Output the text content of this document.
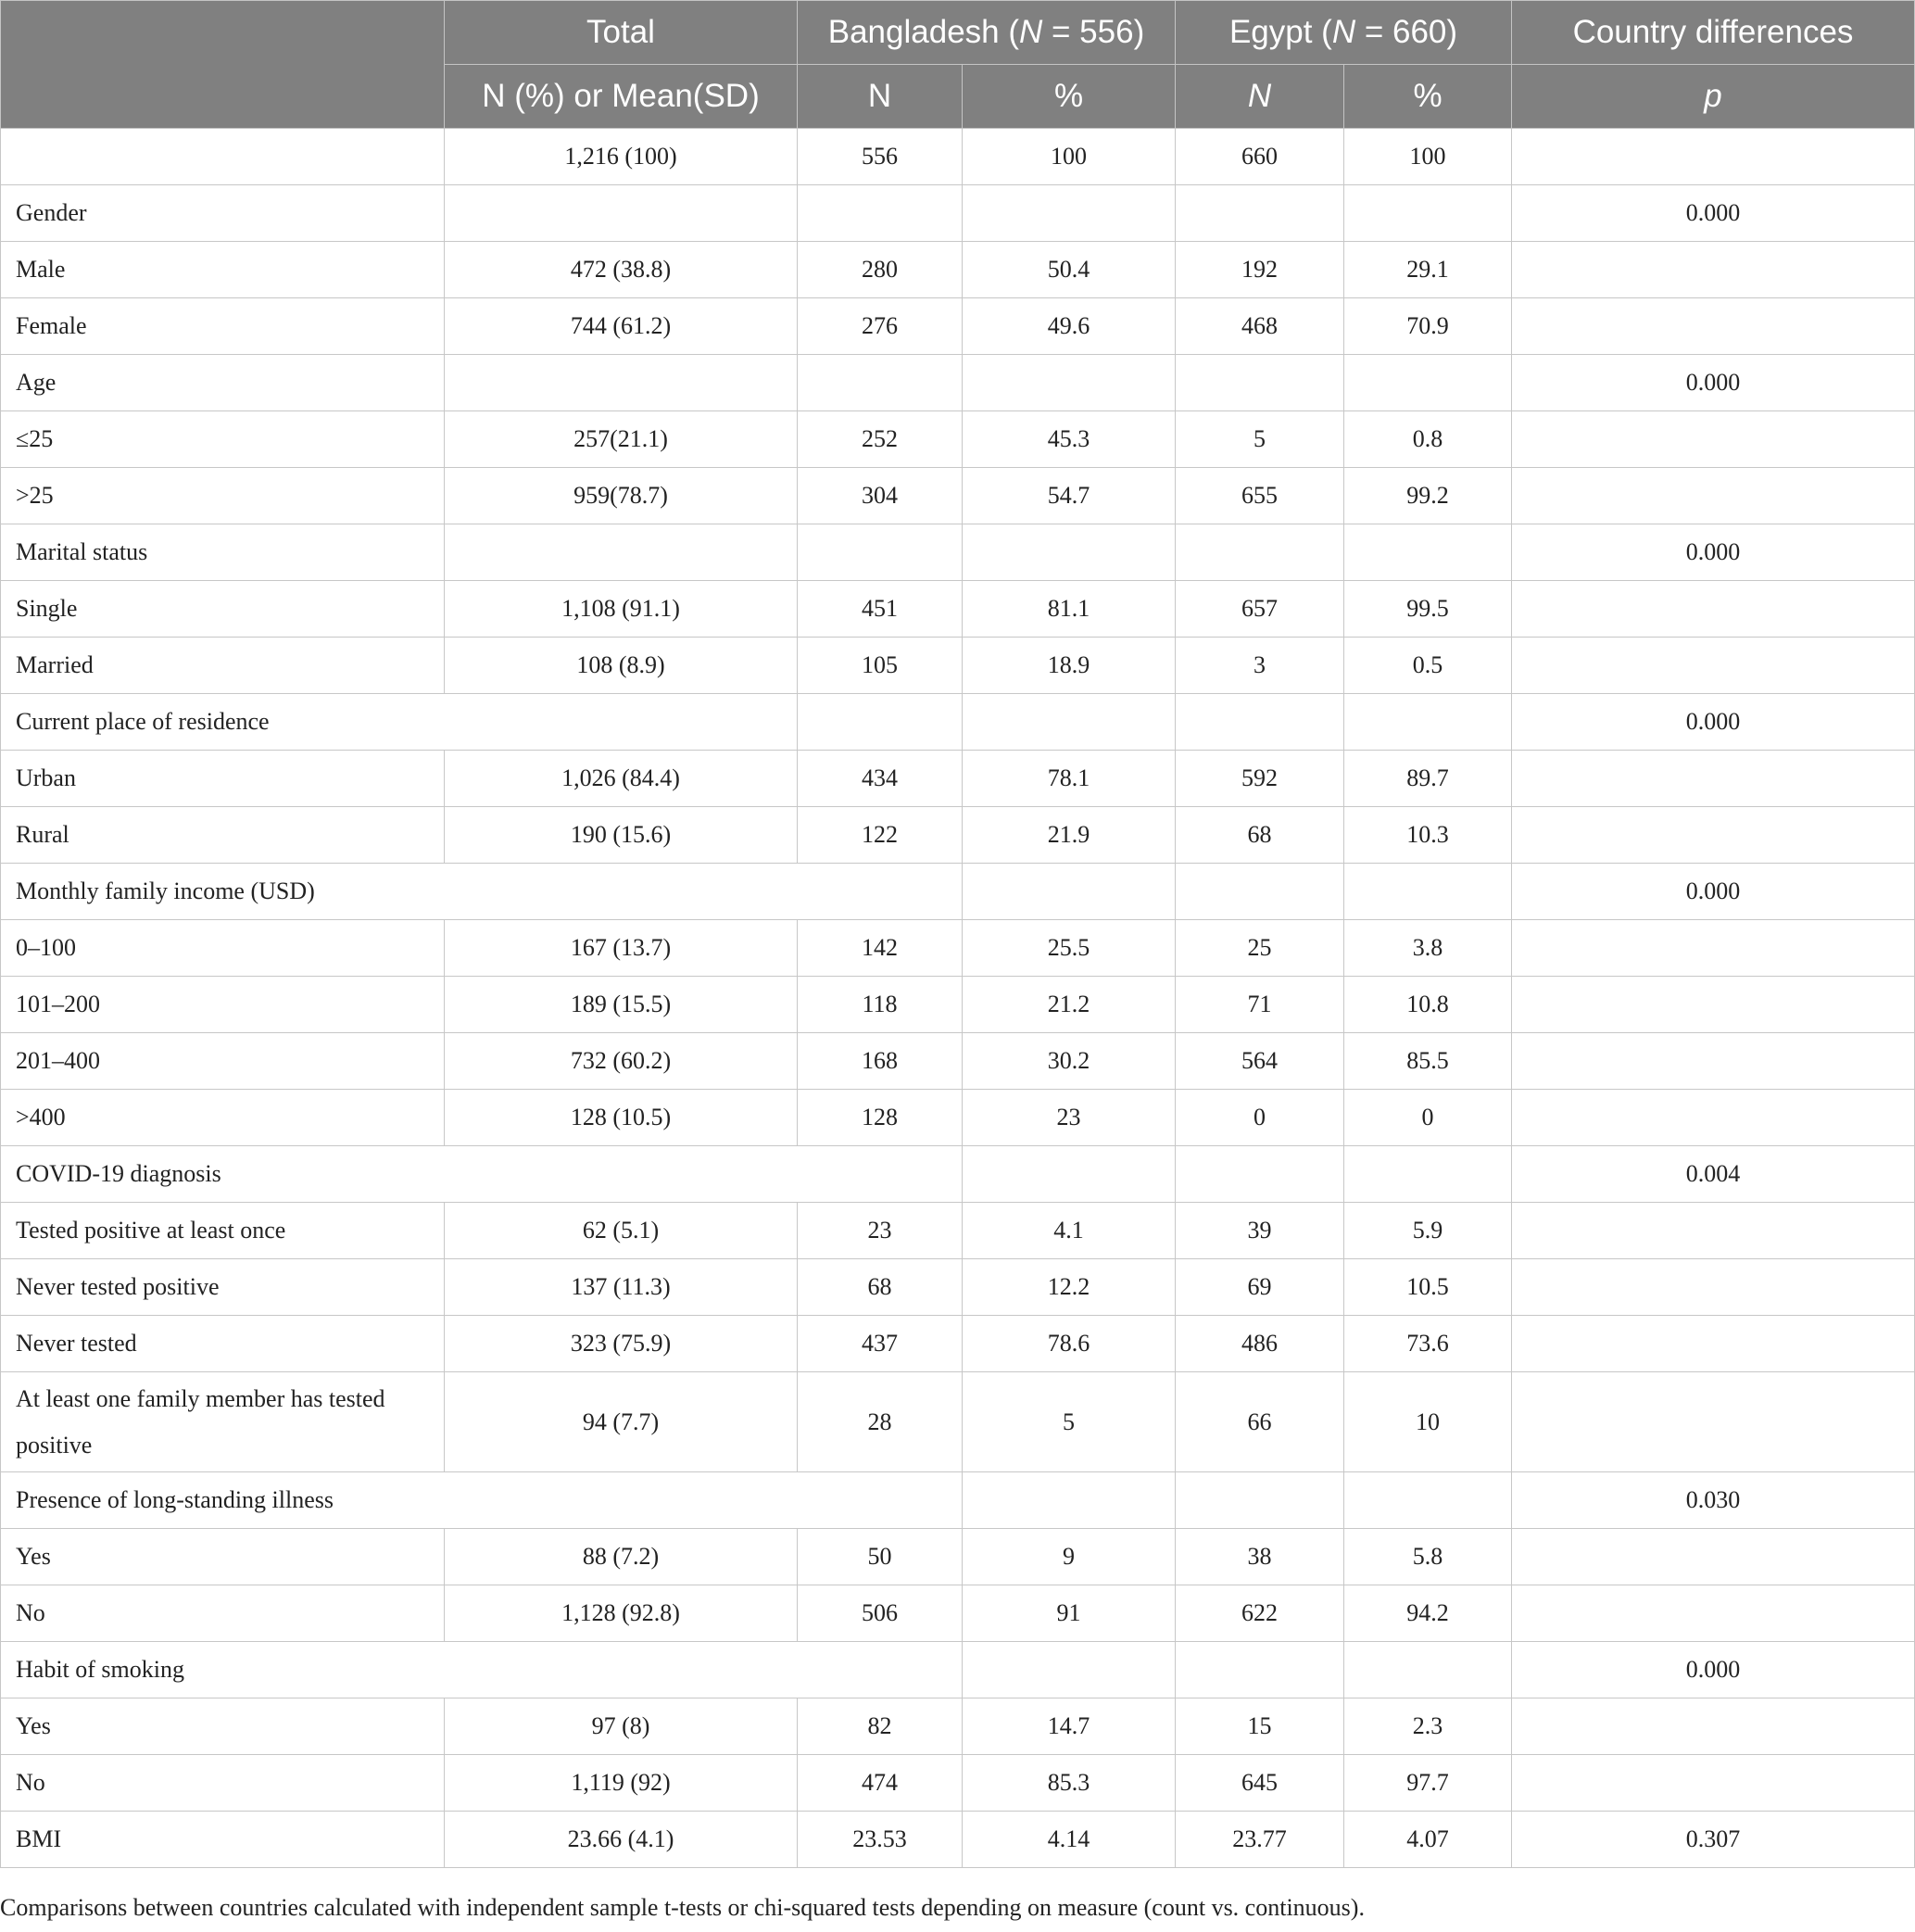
	Total	Bangladesh (N = 556)		Egypt (N = 660)		Country differences
	N (%) or Mean(SD)	N	%	N	%	p
	1,216 (100)	556	100	660	100	
Gender						0.000
Male	472 (38.8)	280	50.4	192	29.1	
Female	744 (61.2)	276	49.6	468	70.9	
Age						0.000
≤25	257(21.1)	252	45.3	5	0.8	
>25	959(78.7)	304	54.7	655	99.2	
Marital status						0.000
Single	1,108 (91.1)	451	81.1	657	99.5	
Married	108 (8.9)	105	18.9	3	0.5	
Current place of residence						0.000
Urban	1,026 (84.4)	434	78.1	592	89.7	
Rural	190 (15.6)	122	21.9	68	10.3	
Monthly family income (USD)						0.000
0–100	167 (13.7)	142	25.5	25	3.8	
101–200	189 (15.5)	118	21.2	71	10.8	
201–400	732 (60.2)	168	30.2	564	85.5	
>400	128 (10.5)	128	23	0	0	
COVID-19 diagnosis						0.004
Tested positive at least once	62 (5.1)	23	4.1	39	5.9	
Never tested positive	137 (11.3)	68	12.2	69	10.5	
Never tested	323 (75.9)	437	78.6	486	73.6	
At least one family member has tested positive	94 (7.7)	28	5	66	10	
Presence of long-standing illness						0.030
Yes	88 (7.2)	50	9	38	5.8	
No	1,128 (92.8)	506	91	622	94.2	
Habit of smoking						0.000
Yes	97 (8)	82	14.7	15	2.3	
No	1,119 (92)	474	85.3	645	97.7	
BMI	23.66 (4.1)	23.53	4.14	23.77	4.07	0.307
Comparisons between countries calculated with independent sample t-tests or chi-squared tests depending on measure (count vs. continuous).
